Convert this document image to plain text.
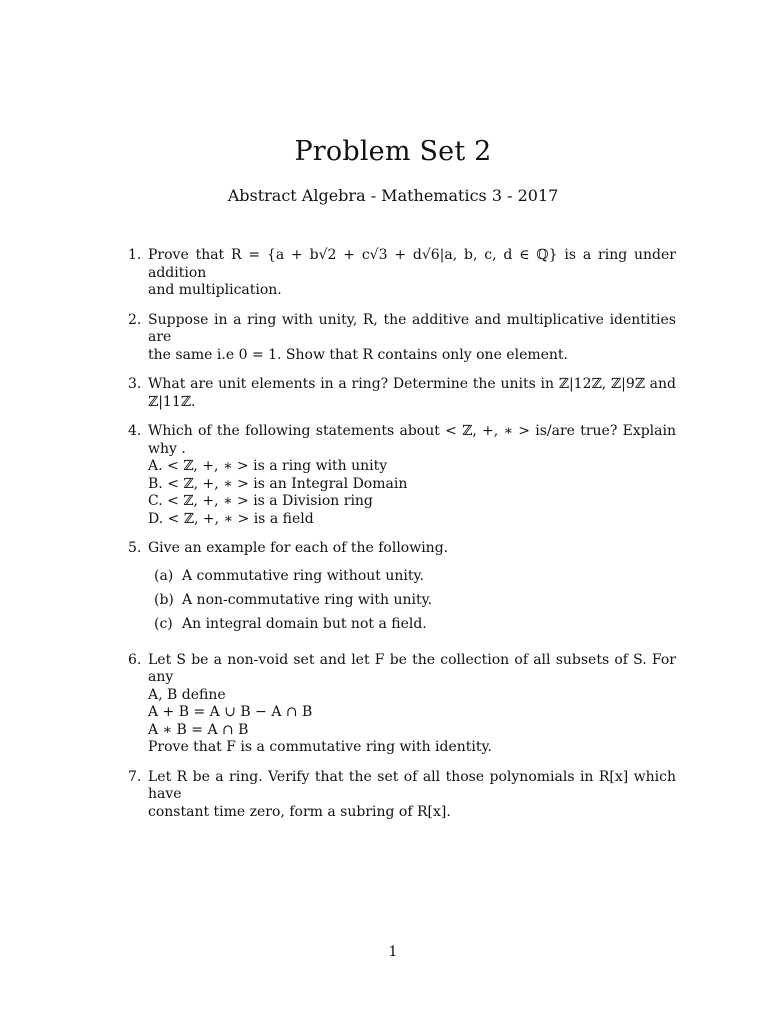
Problem Set 2
Abstract Algebra - Mathematics 3 - 2017
1. Prove that R = {a + b√2 + c√3 + d√6|a, b, c, d ∈ ℚ} is a ring under addition
and multiplication.
2. Suppose in a ring with unity, R, the additive and multiplicative identities are
the same i.e 0 = 1. Show that R contains only one element.
3. What are unit elements in a ring? Determine the units in ℤ|12ℤ, ℤ|9ℤ and ℤ|11ℤ.
4. Which of the following statements about < ℤ, +, ∗ > is/are true? Explain why .
A. < ℤ, +, ∗ > is a ring with unity
B. < ℤ, +, ∗ > is an Integral Domain
C. < ℤ, +, ∗ > is a Division ring
D. < ℤ, +, ∗ > is a field
5. Give an example for each of the following.
(a) A commutative ring without unity.
(b) A non-commutative ring with unity.
(c) An integral domain but not a field.
6. Let S be a non-void set and let F be the collection of all subsets of S. For any
A, B define
A + B = A ∪ B − A ∩ B
A ∗ B = A ∩ B
Prove that F is a commutative ring with identity.
7. Let R be a ring. Verify that the set of all those polynomials in R[x] which have
constant time zero, form a subring of R[x].
1
